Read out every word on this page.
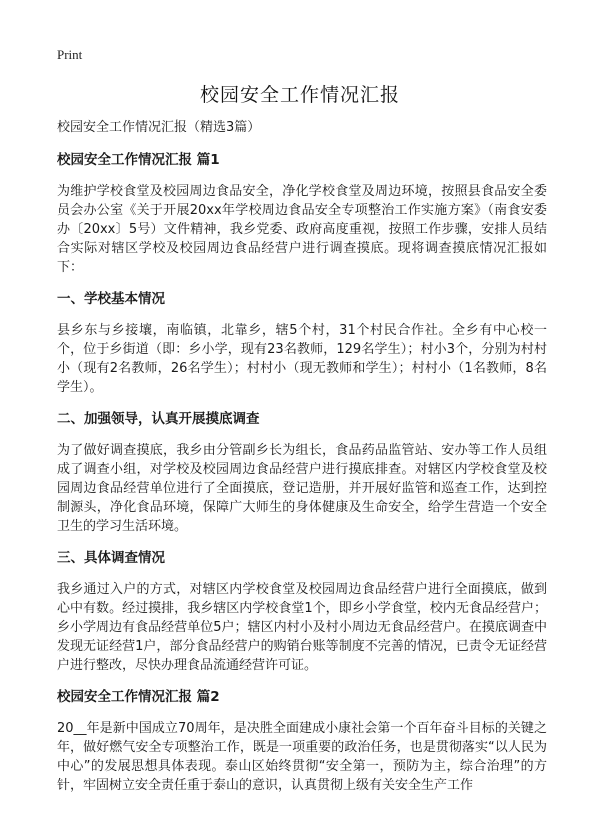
Print
校园安全工作情况汇报
校园安全工作情况汇报（精选3篇）
校园安全工作情况汇报 篇1
为维护学校食堂及校园周边食品安全，净化学校食堂及周边环境，按照县食品安全委员会办公室《关于开展20xx年学校周边食品安全专项整治工作实施方案》（南食安委办〔20xx〕5号）文件精神，我乡党委、政府高度重视，按照工作步骤，安排人员结合实际对辖区学校及校园周边食品经营户进行调查摸底。现将调查摸底情况汇报如下：
一、学校基本情况
县乡东与乡接壤，南临镇，北靠乡，辖5个村，31个村民合作社。全乡有中心校一个，位于乡街道（即：乡小学，现有23名教师，129名学生）；村小3个，分别为村村小（现有2名教师，26名学生）；村村小（现无教师和学生）；村村小（1名教师，8名学生）。
二、加强领导，认真开展摸底调查
为了做好调查摸底，我乡由分管副乡长为组长，食品药品监管站、安办等工作人员组成了调查小组，对学校及校园周边食品经营户进行摸底排查。对辖区内学校食堂及校园周边食品经营单位进行了全面摸底，登记造册，并开展好监管和巡查工作，达到控制源头，净化食品环境，保障广大师生的身体健康及生命安全，给学生营造一个安全卫生的学习生活环境。
三、具体调查情况
我乡通过入户的方式，对辖区内学校食堂及校园周边食品经营户进行全面摸底，做到心中有数。经过摸排，我乡辖区内学校食堂1个，即乡小学食堂，校内无食品经营户；乡小学周边有食品经营单位5户；辖区内村小及村小周边无食品经营户。在摸底调查中发现无证经营1户，部分食品经营户的购销台账等制度不完善的情况，已责令无证经营户进行整改，尽快办理食品流通经营许可证。
校园安全工作情况汇报 篇2
20__年是新中国成立70周年，是决胜全面建成小康社会第一个百年奋斗目标的关键之年，做好燃气安全专项整治工作，既是一项重要的政治任务，也是贯彻落实“以人民为中心”的发展思想具体表现。泰山区始终贯彻“安全第一，预防为主，综合治理”的方针，牢固树立安全责任重于泰山的意识，认真贯彻上级有关安全生产工作
